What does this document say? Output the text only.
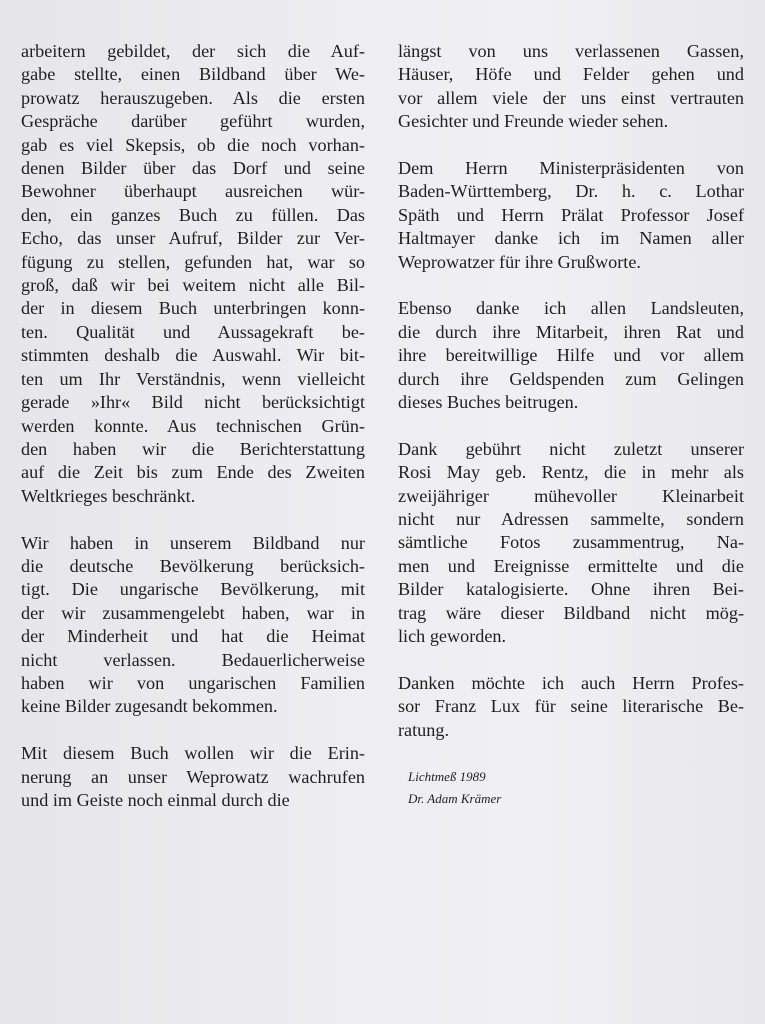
arbeitern gebildet, der sich die Auf-
gabe stellte, einen Bildband über We-
prowatz herauszugeben. Als die ersten
Gespräche darüber geführt wurden,
gab es viel Skepsis, ob die noch vorhan-
denen Bilder über das Dorf und seine
Bewohner überhaupt ausreichen wür-
den, ein ganzes Buch zu füllen. Das
Echo, das unser Aufruf, Bilder zur Ver-
fügung zu stellen, gefunden hat, war so
groß, daß wir bei weitem nicht alle Bil-
der in diesem Buch unterbringen konn-
ten. Qualität und Aussagekraft be-
stimmten deshalb die Auswahl. Wir bit-
ten um Ihr Verständnis, wenn vielleicht
gerade »Ihr« Bild nicht berücksichtigt
werden konnte. Aus technischen Grün-
den haben wir die Berichterstattung
auf die Zeit bis zum Ende des Zweiten
Weltkrieges beschränkt.
Wir haben in unserem Bildband nur
die deutsche Bevölkerung berücksich-
tigt. Die ungarische Bevölkerung, mit
der wir zusammengelebt haben, war in
der Minderheit und hat die Heimat
nicht verlassen. Bedauerlicherweise
haben wir von ungarischen Familien
keine Bilder zugesandt bekommen.
Mit diesem Buch wollen wir die Erin-
nerung an unser Weprowatz wachrufen
und im Geiste noch einmal durch die
längst von uns verlassenen Gassen,
Häuser, Höfe und Felder gehen und
vor allem viele der uns einst vertrauten
Gesichter und Freunde wieder sehen.
Dem Herrn Ministerpräsidenten von
Baden-Württemberg, Dr. h. c. Lothar
Späth und Herrn Prälat Professor Josef
Haltmayer danke ich im Namen aller
Weprowatzer für ihre Grußworte.
Ebenso danke ich allen Landsleuten,
die durch ihre Mitarbeit, ihren Rat und
ihre bereitwillige Hilfe und vor allem
durch ihre Geldspenden zum Gelingen
dieses Buches beitrugen.
Dank gebührt nicht zuletzt unserer
Rosi May geb. Rentz, die in mehr als
zweijähriger mühevoller Kleinarbeit
nicht nur Adressen sammelte, sondern
sämtliche Fotos zusammentrug, Na-
men und Ereignisse ermittelte und die
Bilder katalogisierte. Ohne ihren Bei-
trag wäre dieser Bildband nicht mög-
lich geworden.
Danken möchte ich auch Herrn Profes-
sor Franz Lux für seine literarische Be-
ratung.
Lichtmeß 1989
Dr. Adam Krämer
